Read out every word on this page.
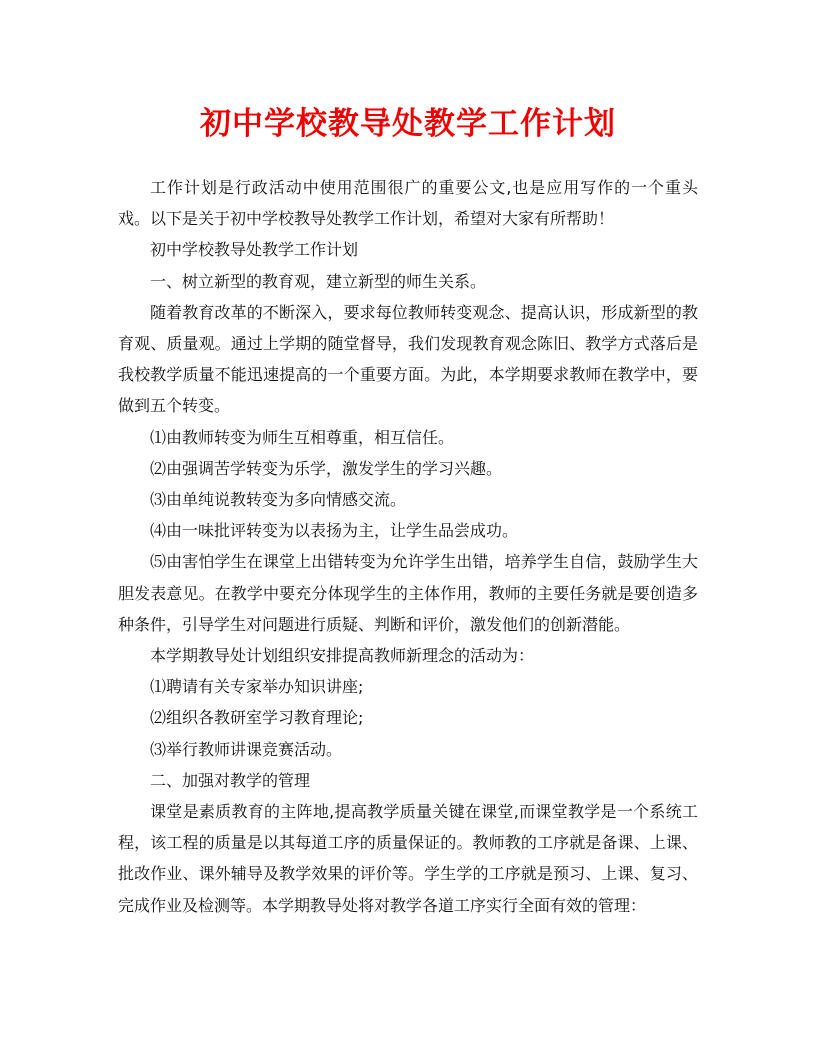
初中学校教导处教学工作计划

工作计划是行政活动中使用范围很广的重要公文,也是应用写作的一个重头戏。以下是关于初中学校教导处教学工作计划，希望对大家有所帮助！

初中学校教导处教学工作计划

一、树立新型的教育观，建立新型的师生关系。

随着教育改革的不断深入，要求每位教师转变观念、提高认识，形成新型的教育观、质量观。通过上学期的随堂督导，我们发现教育观念陈旧、教学方式落后是我校教学质量不能迅速提高的一个重要方面。为此，本学期要求教师在教学中，要做到五个转变。

⑴由教师转变为师生互相尊重，相互信任。

⑵由强调苦学转变为乐学，激发学生的学习兴趣。

⑶由单纯说教转变为多向情感交流。

⑷由一味批评转变为以表扬为主，让学生品尝成功。

⑸由害怕学生在课堂上出错转变为允许学生出错，培养学生自信，鼓励学生大胆发表意见。在教学中要充分体现学生的主体作用，教师的主要任务就是要创造多种条件，引导学生对问题进行质疑、判断和评价，激发他们的创新潜能。

本学期教导处计划组织安排提高教师新理念的活动为：

⑴聘请有关专家举办知识讲座;

⑵组织各教研室学习教育理论;

⑶举行教师讲课竞赛活动。

二、加强对教学的管理

课堂是素质教育的主阵地,提高教学质量关键在课堂,而课堂教学是一个系统工程，该工程的质量是以其每道工序的质量保证的。教师教的工序就是备课、上课、批改作业、课外辅导及教学效果的评价等。学生学的工序就是预习、上课、复习、完成作业及检测等。本学期教导处将对教学各道工序实行全面有效的管理：
